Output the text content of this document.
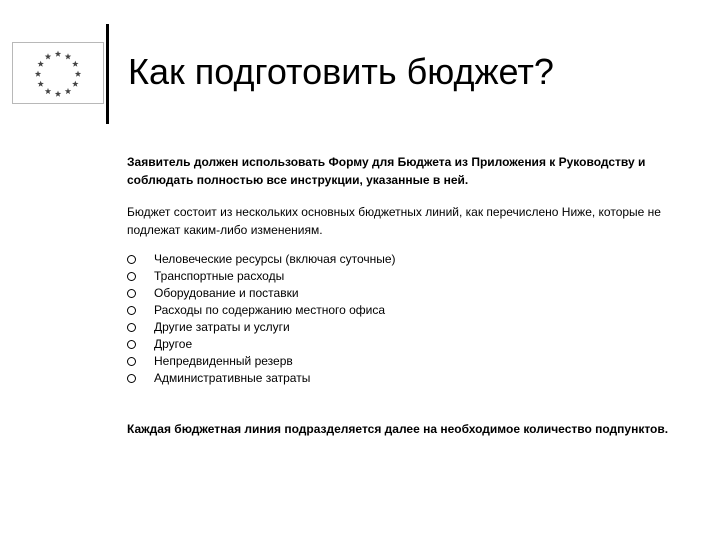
Как подготовить бюджет?

Заявитель должен использовать Форму для Бюджета из Приложения к Руководству и соблюдать полностью все инструкции, указанные в ней.

Бюджет состоит из нескольких основных бюджетных линий, как перечислено Ниже, которые не подлежат каким-либо изменениям.

Человеческие ресурсы (включая суточные)
Транспортные расходы
Оборудование и поставки
Расходы по содержанию местного офиса
Другие затраты и услуги
Другое
Непредвиденный резерв
Административные затраты

Каждая бюджетная линия подразделяется далее на необходимое количество подпунктов.
